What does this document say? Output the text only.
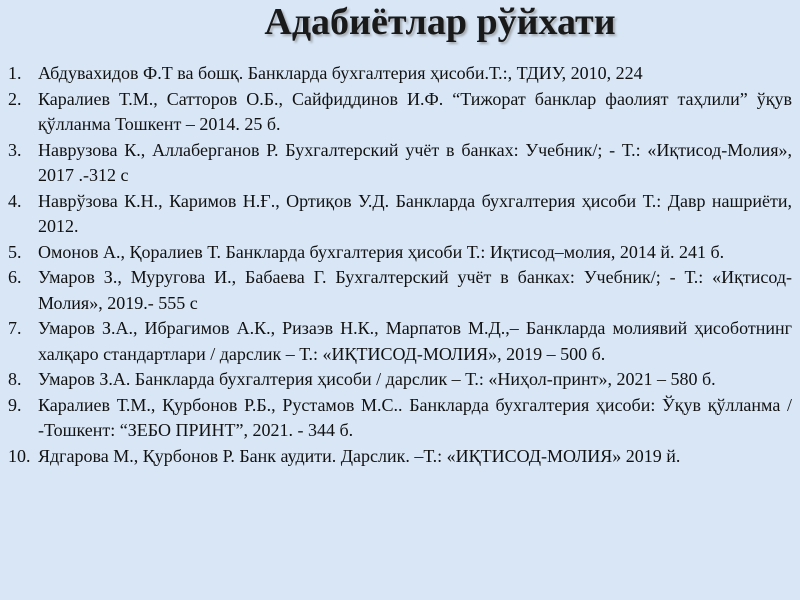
Адабиётлар рўйхати
1. Абдувахидов Ф.Т ва бошқ. Банкларда бухгалтерия ҳисоби.Т.:, ТДИУ, 2010, 224
2. Каралиев Т.М., Сатторов О.Б., Сайфиддинов И.Ф. “Тижорат банклар фаолият таҳлили” ўқув қўлланма Тошкент – 2014. 25 б.
3. Наврузова К., Аллаберганов Р. Бухгалтерский учёт в банках: Учебник/; - Т.: «Иқтисод-Молия», 2017 .-312 с
4. Наврўзова К.Н., Каримов Н.Ғ., Ортиқов У.Д. Банкларда бухгалтерия ҳисоби Т.: Давр нашриёти, 2012.
5. Омонов А., Қоралиев Т. Банкларда бухгалтерия ҳисоби Т.: Иқтисод–молия, 2014 й. 241 б.
6. Умаров З., Муругова И., Бабаева Г. Бухгалтерский учёт в банках: Учебник/; - Т.: «Иқтисод-Молия», 2019.- 555 с
7. Умаров З.А., Ибрагимов А.К., Ризаэв Н.К., Марпатов М.Д.,– Банкларда молиявий ҳисоботнинг халқаро стандартлари / дарслик – Т.: «ИҚТИСОД-МОЛИЯ», 2019 – 500 б.
8. Умаров З.А. Банкларда бухгалтерия ҳисоби / дарслик – Т.: «Ниҳол-принт», 2021 – 580 б.
9. Каралиев Т.М., Қурбонов Р.Б., Рустамов М.С.. Банкларда бухгалтерия ҳисоби: Ўқув қўлланма / -Тошкент: “ЗЕБО ПРИНТ”, 2021. - 344 б.
10. Ядгарова М., Қурбонов Р. Банк аудити. Дарслик. –Т.: «ИҚТИСОД-МОЛИЯ» 2019 й.
